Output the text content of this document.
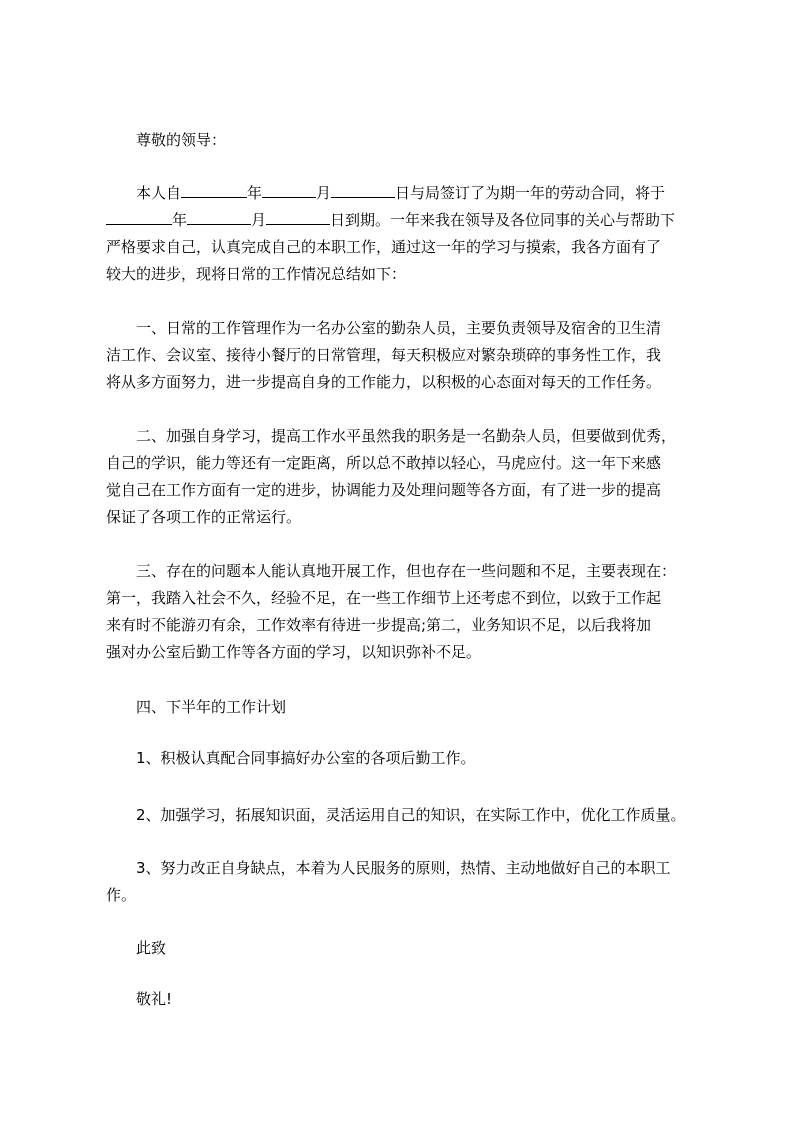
尊敬的领导：

本人自	年	月	日与局签订了为期一年的劳动合同，将于

年	月	日到期。一年来我在领导及各位同事的关心与帮助下

严格要求自己，认真完成自己的本职工作，通过这一年的学习与摸索，我各方面有了

较大的进步，现将日常的工作情况总结如下：

一、日常的工作管理作为一名办公室的勤杂人员，主要负责领导及宿舍的卫生清

洁工作、会议室、接待小餐厅的日常管理，每天积极应对繁杂琐碎的事务性工作，我

将从多方面努力，进一步提高自身的工作能力，以积极的心态面对每天的工作任务。

二、加强自身学习，提高工作水平虽然我的职务是一名勤杂人员，但要做到优秀，

自己的学识，能力等还有一定距离，所以总不敢掉以轻心，马虎应付。这一年下来感

觉自己在工作方面有一定的进步，协调能力及处理问题等各方面，有了进一步的提高

保证了各项工作的正常运行。

三、存在的问题本人能认真地开展工作，但也存在一些问题和不足，主要表现在：

第一，我踏入社会不久，经验不足，在一些工作细节上还考虑不到位，以致于工作起

来有时不能游刃有余，工作效率有待进一步提高;第二，业务知识不足，以后我将加

强对办公室后勤工作等各方面的学习，以知识弥补不足。

四、下半年的工作计划

1、积极认真配合同事搞好办公室的各项后勤工作。

2、加强学习，拓展知识面，灵活运用自己的知识，在实际工作中，优化工作质量。

3、努力改正自身缺点，本着为人民服务的原则，热情、主动地做好自己的本职工

作。

此致

敬礼!
